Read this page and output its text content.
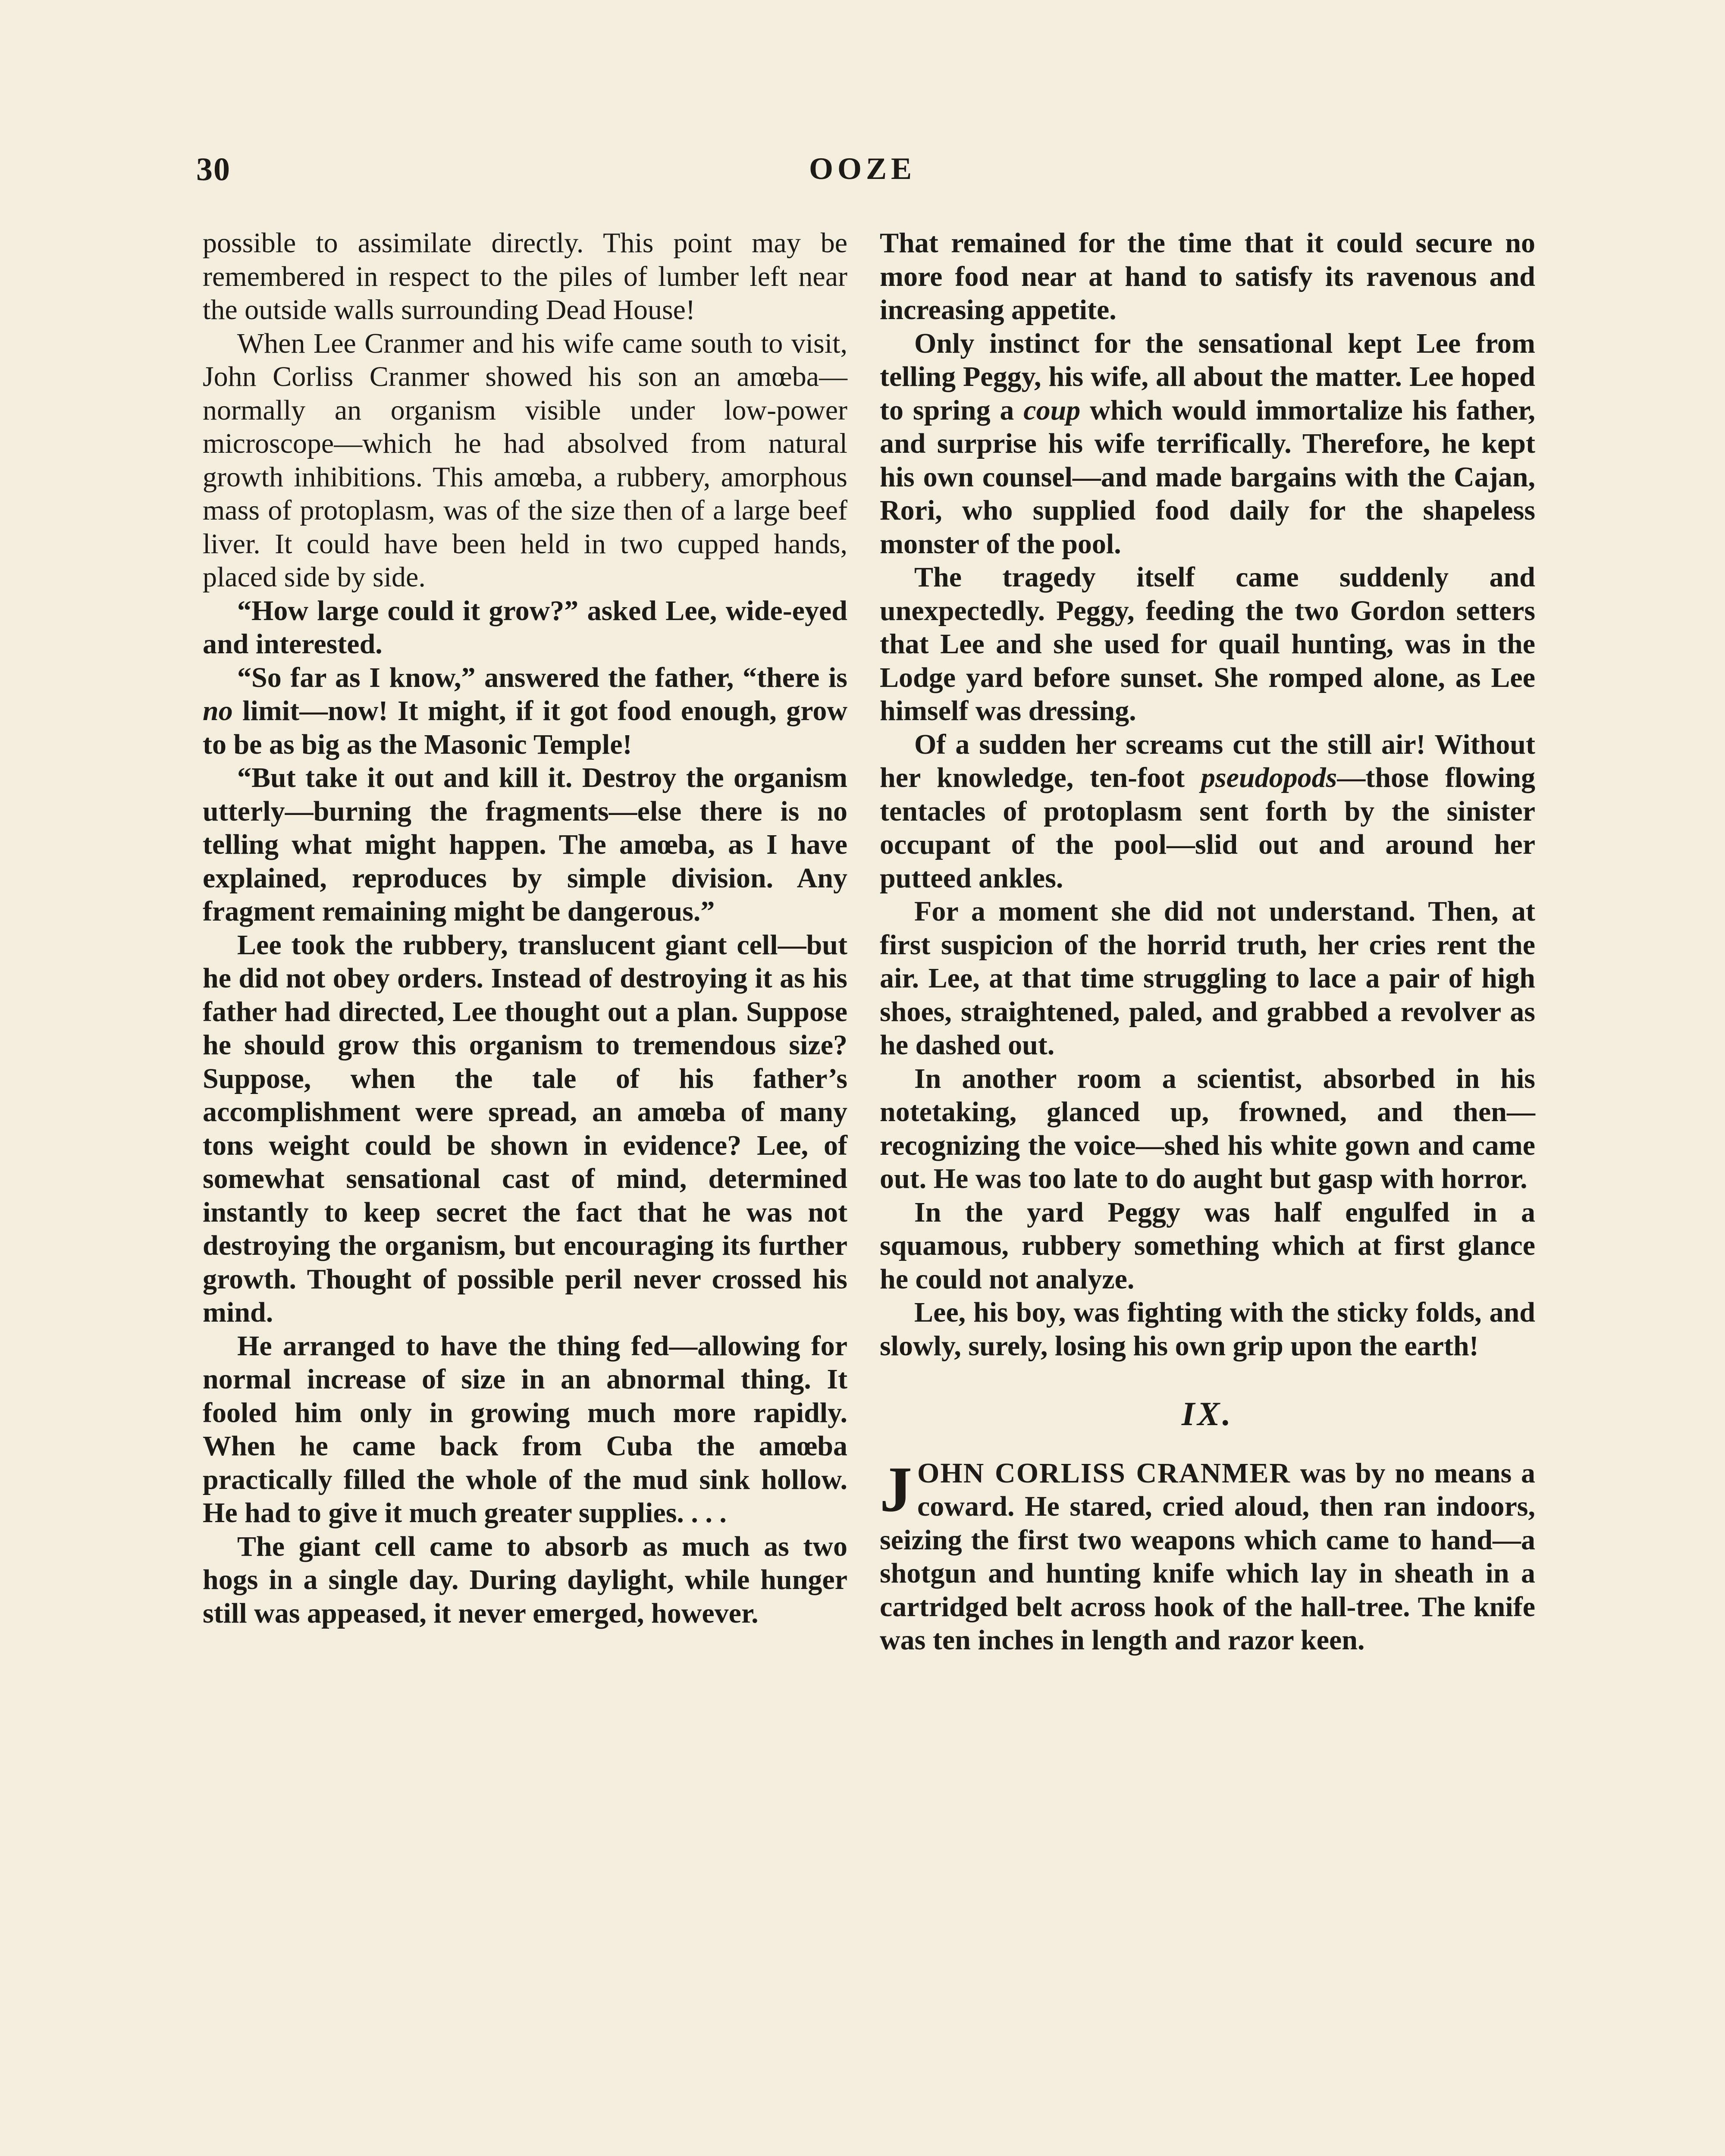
30	OOZE

possible to assimilate directly. This point may be remembered in respect to the piles of lumber left near the outside walls surrounding Dead House!

When Lee Cranmer and his wife came south to visit, John Corliss Cranmer showed his son an amœba—normally an organism visible under low-power microscope—which he had absolved from natural growth inhibitions. This amœba, a rubbery, amorphous mass of protoplasm, was of the size then of a large beef liver. It could have been held in two cupped hands, placed side by side.

“How large could it grow?” asked Lee, wide-eyed and interested.

“So far as I know,” answered the father, “there is no limit—now! It might, if it got food enough, grow to be as big as the Masonic Temple!

“But take it out and kill it. Destroy the organism utterly—burning the fragments—else there is no telling what might happen. The amœba, as I have explained, reproduces by simple division. Any fragment remaining might be dangerous.”

Lee took the rubbery, translucent giant cell—but he did not obey orders. Instead of destroying it as his father had directed, Lee thought out a plan. Suppose he should grow this organism to tremendous size? Suppose, when the tale of his father’s accomplishment were spread, an amœba of many tons weight could be shown in evidence? Lee, of somewhat sensational cast of mind, determined instantly to keep secret the fact that he was not destroying the organism, but encouraging its further growth. Thought of possible peril never crossed his mind.

He arranged to have the thing fed—allowing for normal increase of size in an abnormal thing. It fooled him only in growing much more rapidly. When he came back from Cuba the amœba practically filled the whole of the mud sink hollow. He had to give it much greater supplies. . . .

The giant cell came to absorb as much as two hogs in a single day. During daylight, while hunger still was appeased, it never emerged, however.

That remained for the time that it could secure no more food near at hand to satisfy its ravenous and increasing appetite.

Only instinct for the sensational kept Lee from telling Peggy, his wife, all about the matter. Lee hoped to spring a coup which would immortalize his father, and surprise his wife terrifically. Therefore, he kept his own counsel—and made bargains with the Cajan, Rori, who supplied food daily for the shapeless monster of the pool.

The tragedy itself came suddenly and unexpectedly. Peggy, feeding the two Gordon setters that Lee and she used for quail hunting, was in the Lodge yard before sunset. She romped alone, as Lee himself was dressing.

Of a sudden her screams cut the still air! Without her knowledge, ten-foot pseudopods—those flowing tentacles of protoplasm sent forth by the sinister occupant of the pool—slid out and around her putteed ankles.

For a moment she did not understand. Then, at first suspicion of the horrid truth, her cries rent the air. Lee, at that time struggling to lace a pair of high shoes, straightened, paled, and grabbed a revolver as he dashed out.

In another room a scientist, absorbed in his notetaking, glanced up, frowned, and then—recognizing the voice—shed his white gown and came out. He was too late to do aught but gasp with horror.

In the yard Peggy was half engulfed in a squamous, rubbery something which at first glance he could not analyze.

Lee, his boy, was fighting with the sticky folds, and slowly, surely, losing his own grip upon the earth!

IX.

JOHN CORLISS CRANMER was by no means a coward. He stared, cried aloud, then ran indoors, seizing the first two weapons which came to hand—a shotgun and hunting knife which lay in sheath in a cartridged belt across hook of the hall-tree. The knife was ten inches in length and razor keen.
